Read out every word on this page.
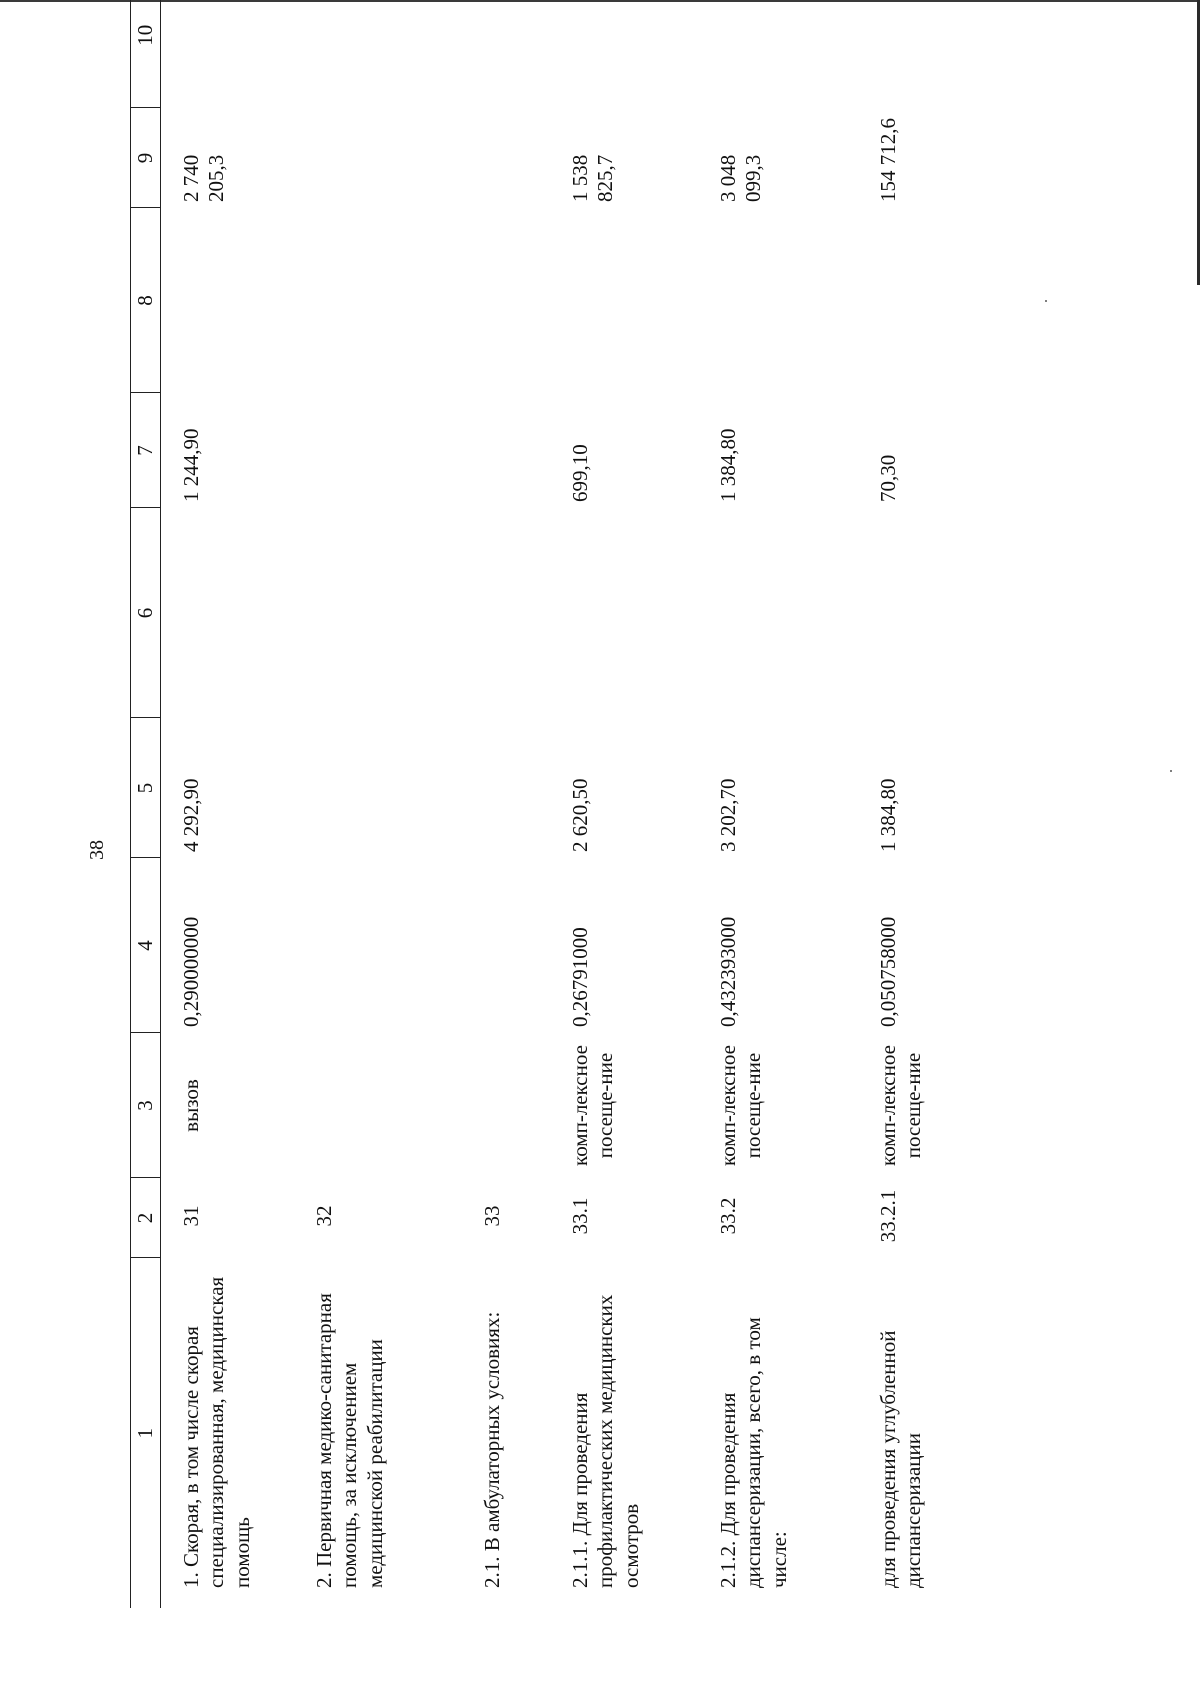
38
1	2	3	4	5	6	7	8	9	10
1. Скорая, в том числе скорая специализированная, медицинская помощь	31	вызов	0,290000000	4 292,90		1 244,90		2 740 205,3	
2. Первичная медико-санитарная помощь, за исключением медицинской реабилитации	32								
2.1. В амбулаторных условиях:	33								
2.1.1. Для проведения профилактических медицинских осмотров	33.1	комп-лексное посеще-ние	0,26791000	2 620,50		699,10		1 538 825,7	
2.1.2. Для проведения диспансеризации, всего, в том числе:	33.2	комп-лексное посеще-ние	0,432393000	3 202,70		1 384,80		3 048 099,3	
для проведения углубленной диспансеризации	33.2.1	комп-лексное посеще-ние	0,050758000	1 384,80		70,30		154 712,6	
